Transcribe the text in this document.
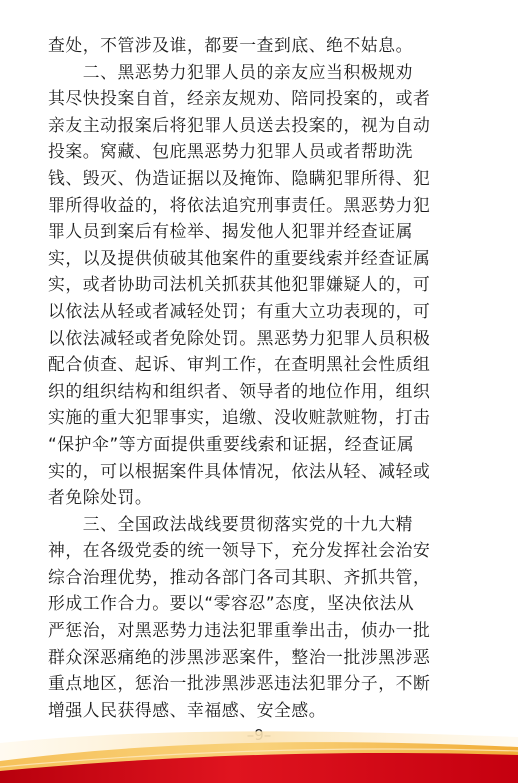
查处，不管涉及谁，都要一查到底、绝不姑息。
　　二、黑恶势力犯罪人员的亲友应当积极规劝
其尽快投案自首，经亲友规劝、陪同投案的，或者
亲友主动报案后将犯罪人员送去投案的，视为自动
投案。窝藏、包庇黑恶势力犯罪人员或者帮助洗
钱、毁灭、伪造证据以及掩饰、隐瞒犯罪所得、犯
罪所得收益的，将依法追究刑事责任。黑恶势力犯
罪人员到案后有检举、揭发他人犯罪并经查证属
实，以及提供侦破其他案件的重要线索并经查证属
实，或者协助司法机关抓获其他犯罪嫌疑人的，可
以依法从轻或者减轻处罚；有重大立功表现的，可
以依法减轻或者免除处罚。黑恶势力犯罪人员积极
配合侦查、起诉、审判工作，在查明黑社会性质组
织的组织结构和组织者、领导者的地位作用，组织
实施的重大犯罪事实，追缴、没收赃款赃物，打击
“保护伞”等方面提供重要线索和证据，经查证属
实的，可以根据案件具体情况，依法从轻、减轻或
者免除处罚。
　　三、全国政法战线要贯彻落实党的十九大精
神，在各级党委的统一领导下，充分发挥社会治安
综合治理优势，推动各部门各司其职、齐抓共管，
形成工作合力。要以“零容忍”态度，坚决依法从
严惩治，对黑恶势力违法犯罪重拳出击，侦办一批
群众深恶痛绝的涉黑涉恶案件，整治一批涉黑涉恶
重点地区，惩治一批涉黑涉恶违法犯罪分子，不断
增强人民获得感、幸福感、安全感。
